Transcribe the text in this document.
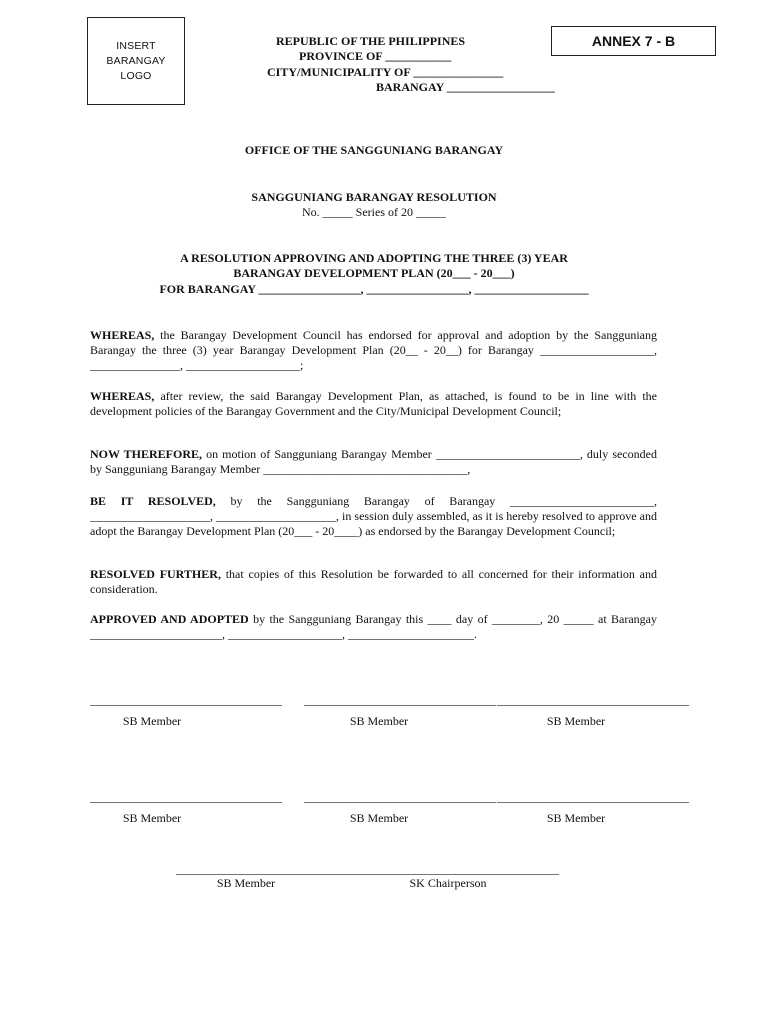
INSERT
BARANGAY
LOGO
ANNEX 7 - B
REPUBLIC OF THE PHILIPPINES
PROVINCE OF ___________
CITY/MUNICIPALITY OF _______________
BARANGAY __________________
OFFICE OF THE SANGGUNIANG BARANGAY
SANGGUNIANG BARANGAY RESOLUTION
No. _____ Series of 20 _____
A RESOLUTION APPROVING AND ADOPTING THE THREE (3) YEAR
BARANGAY DEVELOPMENT PLAN (20___ - 20___)
FOR BARANGAY _________________, _________________, ___________________
WHEREAS, the Barangay Development Council has endorsed for approval and adoption by the Sangguniang Barangay the three (3) year Barangay Development Plan (20__ - 20__) for Barangay ___________________, _______________, ___________________;
WHEREAS, after review, the said Barangay Development Plan, as attached, is found to be in line with the development policies of the Barangay Government and the City/Municipal Development Council;
NOW THEREFORE, on motion of Sangguniang Barangay Member ________________________, duly seconded by Sangguniang Barangay Member __________________________________,
BE IT RESOLVED, by the Sangguniang Barangay of Barangay ________________________, ____________________, ____________________, in session duly assembled, as it is hereby resolved to approve and adopt the Barangay Development Plan (20___ - 20____) as endorsed by the Barangay Development Council;
RESOLVED FURTHER, that copies of this Resolution be forwarded to all concerned for their information and consideration.
APPROVED AND ADOPTED by the Sangguniang Barangay this ____ day of ________, 20 _____ at Barangay ______________________, ___________________, _____________________.
________________________________
SB Member
________________________________
SB Member
________________________________
SB Member
________________________________
SB Member
________________________________
SB Member
________________________________
SB Member
________________________________
SB Member
________________________________
SK Chairperson
